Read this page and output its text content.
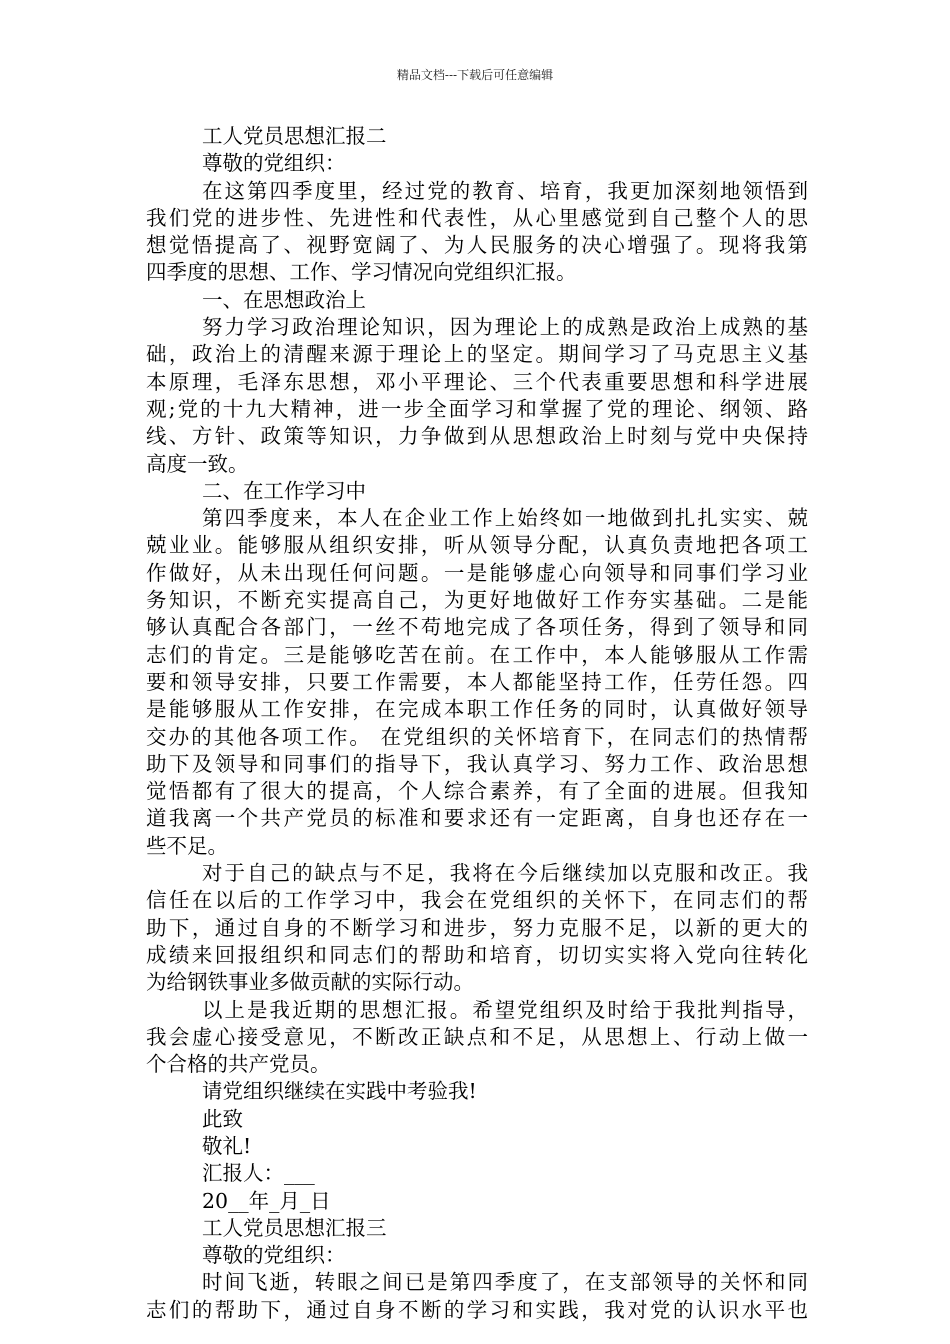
精品文档---下载后可任意编辑
工人党员思想汇报二
尊敬的党组织：
在这第四季度里，经过党的教育、培育，我更加深刻地领悟到
我们党的进步性、先进性和代表性，从心里感觉到自己整个人的思
想觉悟提高了、视野宽阔了、为人民服务的决心增强了。现将我第
四季度的思想、工作、学习情况向党组织汇报。
一、在思想政治上
努力学习政治理论知识，因为理论上的成熟是政治上成熟的基
础，政治上的清醒来源于理论上的坚定。期间学习了马克思主义基
本原理，毛泽东思想，邓小平理论、三个代表重要思想和科学进展
观;党的十九大精神，进一步全面学习和掌握了党的理论、纲领、路
线、方针、政策等知识，力争做到从思想政治上时刻与党中央保持
高度一致。
二、在工作学习中
第四季度来，本人在企业工作上始终如一地做到扎扎实实、兢
兢业业。能够服从组织安排，听从领导分配，认真负责地把各项工
作做好，从未出现任何问题。一是能够虚心向领导和同事们学习业
务知识，不断充实提高自己，为更好地做好工作夯实基础。二是能
够认真配合各部门，一丝不苟地完成了各项任务，得到了领导和同
志们的肯定。三是能够吃苦在前。在工作中，本人能够服从工作需
要和领导安排，只要工作需要，本人都能坚持工作，任劳任怨。四
是能够服从工作安排，在完成本职工作任务的同时，认真做好领导
交办的其他各项工作。 在党组织的关怀培育下，在同志们的热情帮
助下及领导和同事们的指导下，我认真学习、努力工作、政治思想
觉悟都有了很大的提高，个人综合素养，有了全面的进展。但我知
道我离一个共产党员的标准和要求还有一定距离，自身也还存在一
些不足。
对于自己的缺点与不足，我将在今后继续加以克服和改正。我
信任在以后的工作学习中，我会在党组织的关怀下，在同志们的帮
助下，通过自身的不断学习和进步，努力克服不足，以新的更大的
成绩来回报组织和同志们的帮助和培育，切切实实将入党向往转化
为给钢铁事业多做贡献的实际行动。
以上是我近期的思想汇报。希望党组织及时给于我批判指导，
我会虚心接受意见，不断改正缺点和不足，从思想上、行动上做一
个合格的共产党员。
请党组织继续在实践中考验我!
此致
敬礼!
汇报人：___
20__年_月_日
工人党员思想汇报三
尊敬的党组织：
时间飞逝，转眼之间已是第四季度了，在支部领导的关怀和同
志们的帮助下，通过自身不断的学习和实践，我对党的认识水平也
